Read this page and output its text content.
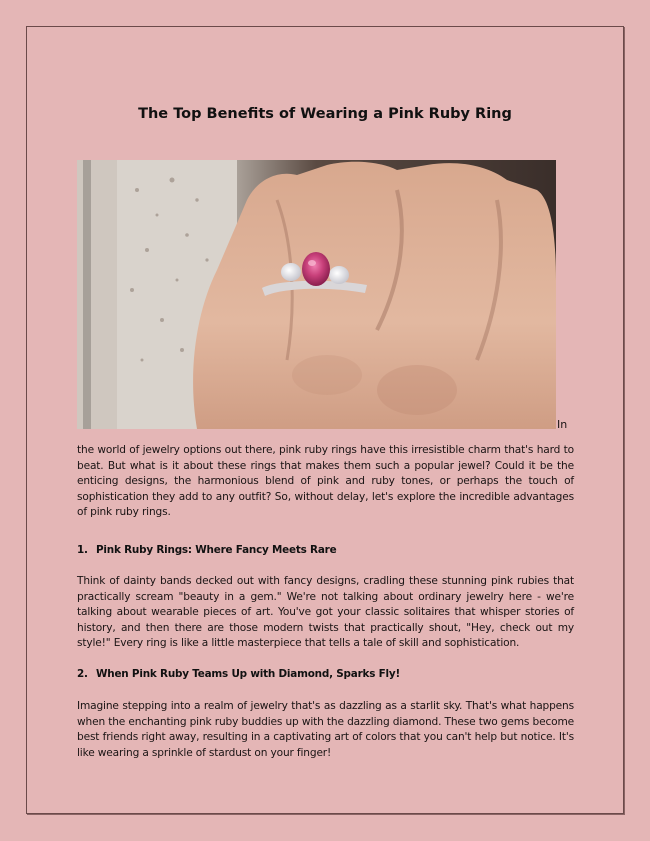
The Top Benefits of Wearing a Pink Ruby Ring
In
the world of jewelry options out there, pink ruby rings have this irresistible charm that's hard to beat. But what is it about these rings that makes them such a popular jewel? Could it be the enticing designs, the harmonious blend of pink and ruby tones, or perhaps the touch of sophistication they add to any outfit? So, without delay, let's explore the incredible advantages of pink ruby rings.
1. Pink Ruby Rings: Where Fancy Meets Rare
Think of dainty bands decked out with fancy designs, cradling these stunning pink rubies that practically scream "beauty in a gem." We're not talking about ordinary jewelry here - we're talking about wearable pieces of art. You've got your classic solitaires that whisper stories of history, and then there are those modern twists that practically shout, "Hey, check out my style!" Every ring is like a little masterpiece that tells a tale of skill and sophistication.
2. When Pink Ruby Teams Up with Diamond, Sparks Fly!
Imagine stepping into a realm of jewelry that's as dazzling as a starlit sky. That's what happens when the enchanting pink ruby buddies up with the dazzling diamond. These two gems become best friends right away, resulting in a captivating art of colors that you can't help but notice. It's like wearing a sprinkle of stardust on your finger!
